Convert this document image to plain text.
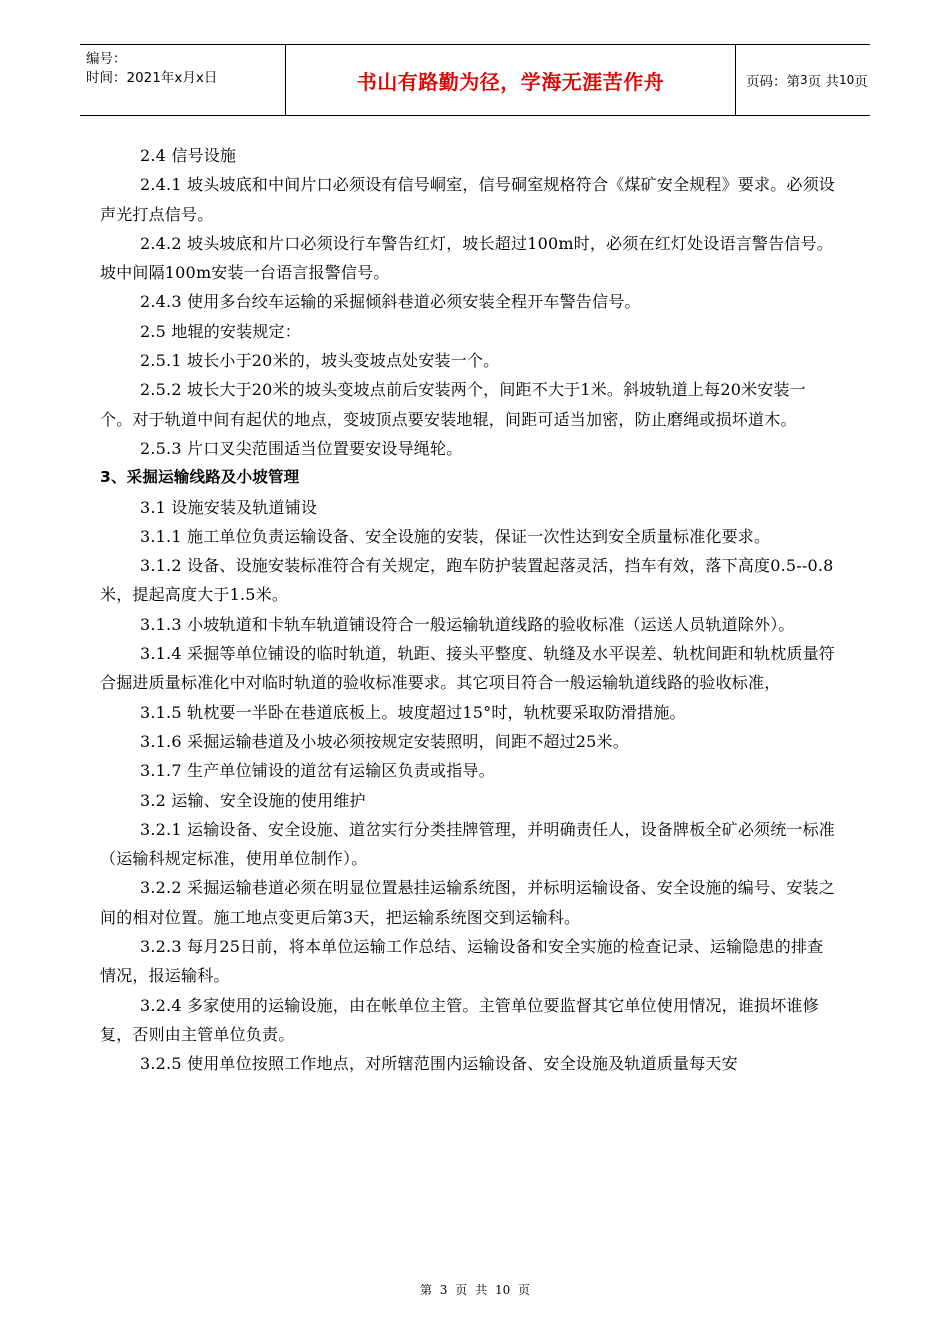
编号：
时间：2021年x月x日	书山有路勤为径，学海无涯苦作舟	页码：第 3 页 共 10 页

2.4 信号设施

2.4.1 坡头坡底和中间片口必须设有信号峒室，信号硐室规格符合《煤矿安全规程》要求。必须设声光打点信号。

2.4.2 坡头坡底和片口必须设行车警告红灯，坡长超过100m时，必须在红灯处设语言警告信号。坡中间隔100m安装一台语言报警信号。

2.4.3 使用多台绞车运输的采掘倾斜巷道必须安装全程开车警告信号。

2.5 地辊的安装规定：

2.5.1 坡长小于20米的，坡头变坡点处安装一个。

2.5.2 坡长大于20米的坡头变坡点前后安装两个，间距不大于1米。斜坡轨道上每20米安装一个。对于轨道中间有起伏的地点，变坡顶点要安装地辊，间距可适当加密，防止磨绳或损坏道木。

2.5.3 片口叉尖范围适当位置要安设导绳轮。

3、采掘运输线路及小坡管理

3.1 设施安装及轨道铺设

3.1.1 施工单位负责运输设备、安全设施的安装，保证一次性达到安全质量标准化要求。

3.1.2 设备、设施安装标准符合有关规定，跑车防护装置起落灵活，挡车有效，落下高度0.5--0.8米，提起高度大于1.5米。

3.1.3 小坡轨道和卡轨车轨道铺设符合一般运输轨道线路的验收标准（运送人员轨道除外）。

3.1.4 采掘等单位铺设的临时轨道，轨距、接头平整度、轨缝及水平误差、轨枕间距和轨枕质量符合掘进质量标准化中对临时轨道的验收标准要求。其它项目符合一般运输轨道线路的验收标准，

3.1.5 轨枕要一半卧在巷道底板上。坡度超过15°时，轨枕要采取防滑措施。

3.1.6 采掘运输巷道及小坡必须按规定安装照明，间距不超过25米。

3.1.7 生产单位铺设的道岔有运输区负责或指导。

3.2 运输、安全设施的使用维护

3.2.1 运输设备、安全设施、道岔实行分类挂牌管理，并明确责任人，设备牌板全矿必须统一标准（运输科规定标准，使用单位制作）。

3.2.2 采掘运输巷道必须在明显位置悬挂运输系统图，并标明运输设备、安全设施的编号、安装之间的相对位置。施工地点变更后第3天，把运输系统图交到运输科。

3.2.3 每月25日前，将本单位运输工作总结、运输设备和安全实施的检查记录、运输隐患的排查情况，报运输科。

3.2.4 多家使用的运输设施，由在帐单位主管。主管单位要监督其它单位使用情况，谁损坏谁修复，否则由主管单位负责。

3.2.5 使用单位按照工作地点，对所辖范围内运输设备、安全设施及轨道质量每天安

第 3 页 共 10 页
